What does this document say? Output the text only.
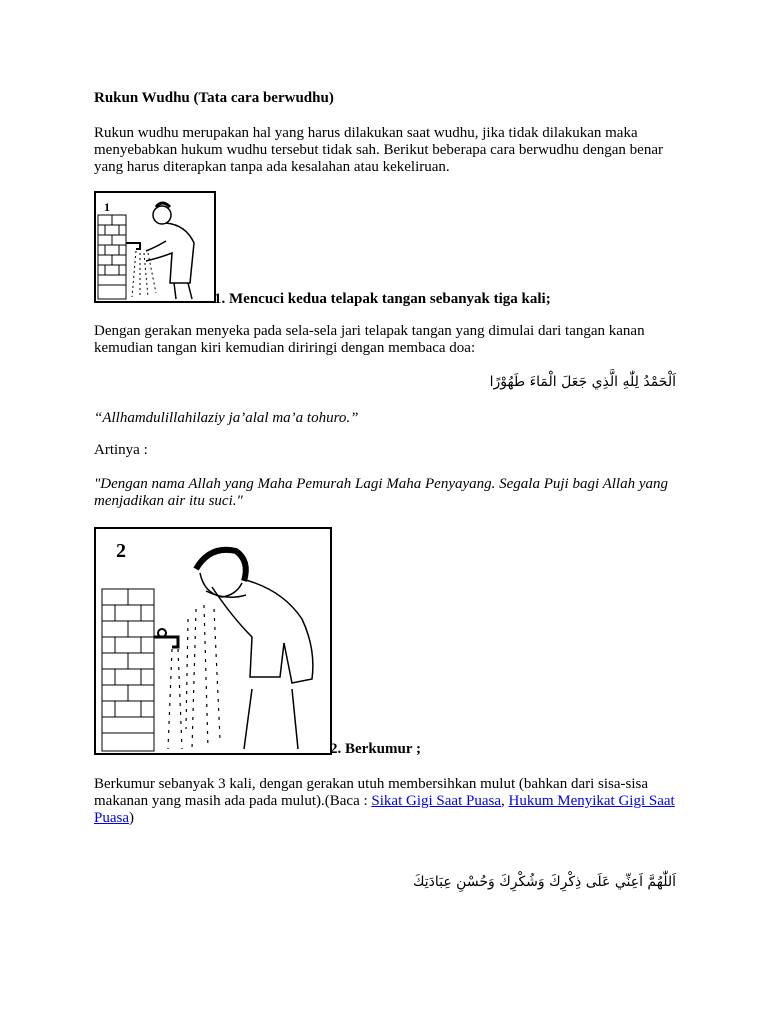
Rukun Wudhu (Tata cara berwudhu)

Rukun wudhu merupakan hal yang harus dilakukan saat wudhu, jika tidak dilakukan maka menyebabkan hukum wudhu tersebut tidak sah. Berikut beberapa cara berwudhu dengan benar yang harus diterapkan tanpa ada kesalahan atau kekeliruan.

1
1. Mencuci kedua telapak tangan sebanyak tiga kali;

Dengan gerakan menyeka pada sela-sela jari telapak tangan yang dimulai dari tangan kanan kemudian tangan kiri kemudian diriringi dengan membaca doa:

اَلْحَمْدُ لِلّٰهِ الَّذِي جَعَلَ الْمَاءَ طَهُوْرًا
“Allhamdulillahilaziy ja’alal ma’a tohuro.”
Artinya :

"Dengan nama Allah yang Maha Pemurah Lagi Maha Penyayang. Segala Puji bagi Allah yang menjadikan air itu suci."

2
2. Berkumur ;

Berkumur sebanyak 3 kali, dengan gerakan utuh membersihkan mulut (bahkan dari sisa-sisa makanan yang masih ada pada mulut).(Baca : Sikat Gigi Saat Puasa, Hukum Menyikat Gigi Saat Puasa)

اَللّٰهُمَّ اَعِنِّي عَلَى ذِكْرِكَ وَشُكْرِكَ وَحُسْنِ عِبَادَتِكَ
